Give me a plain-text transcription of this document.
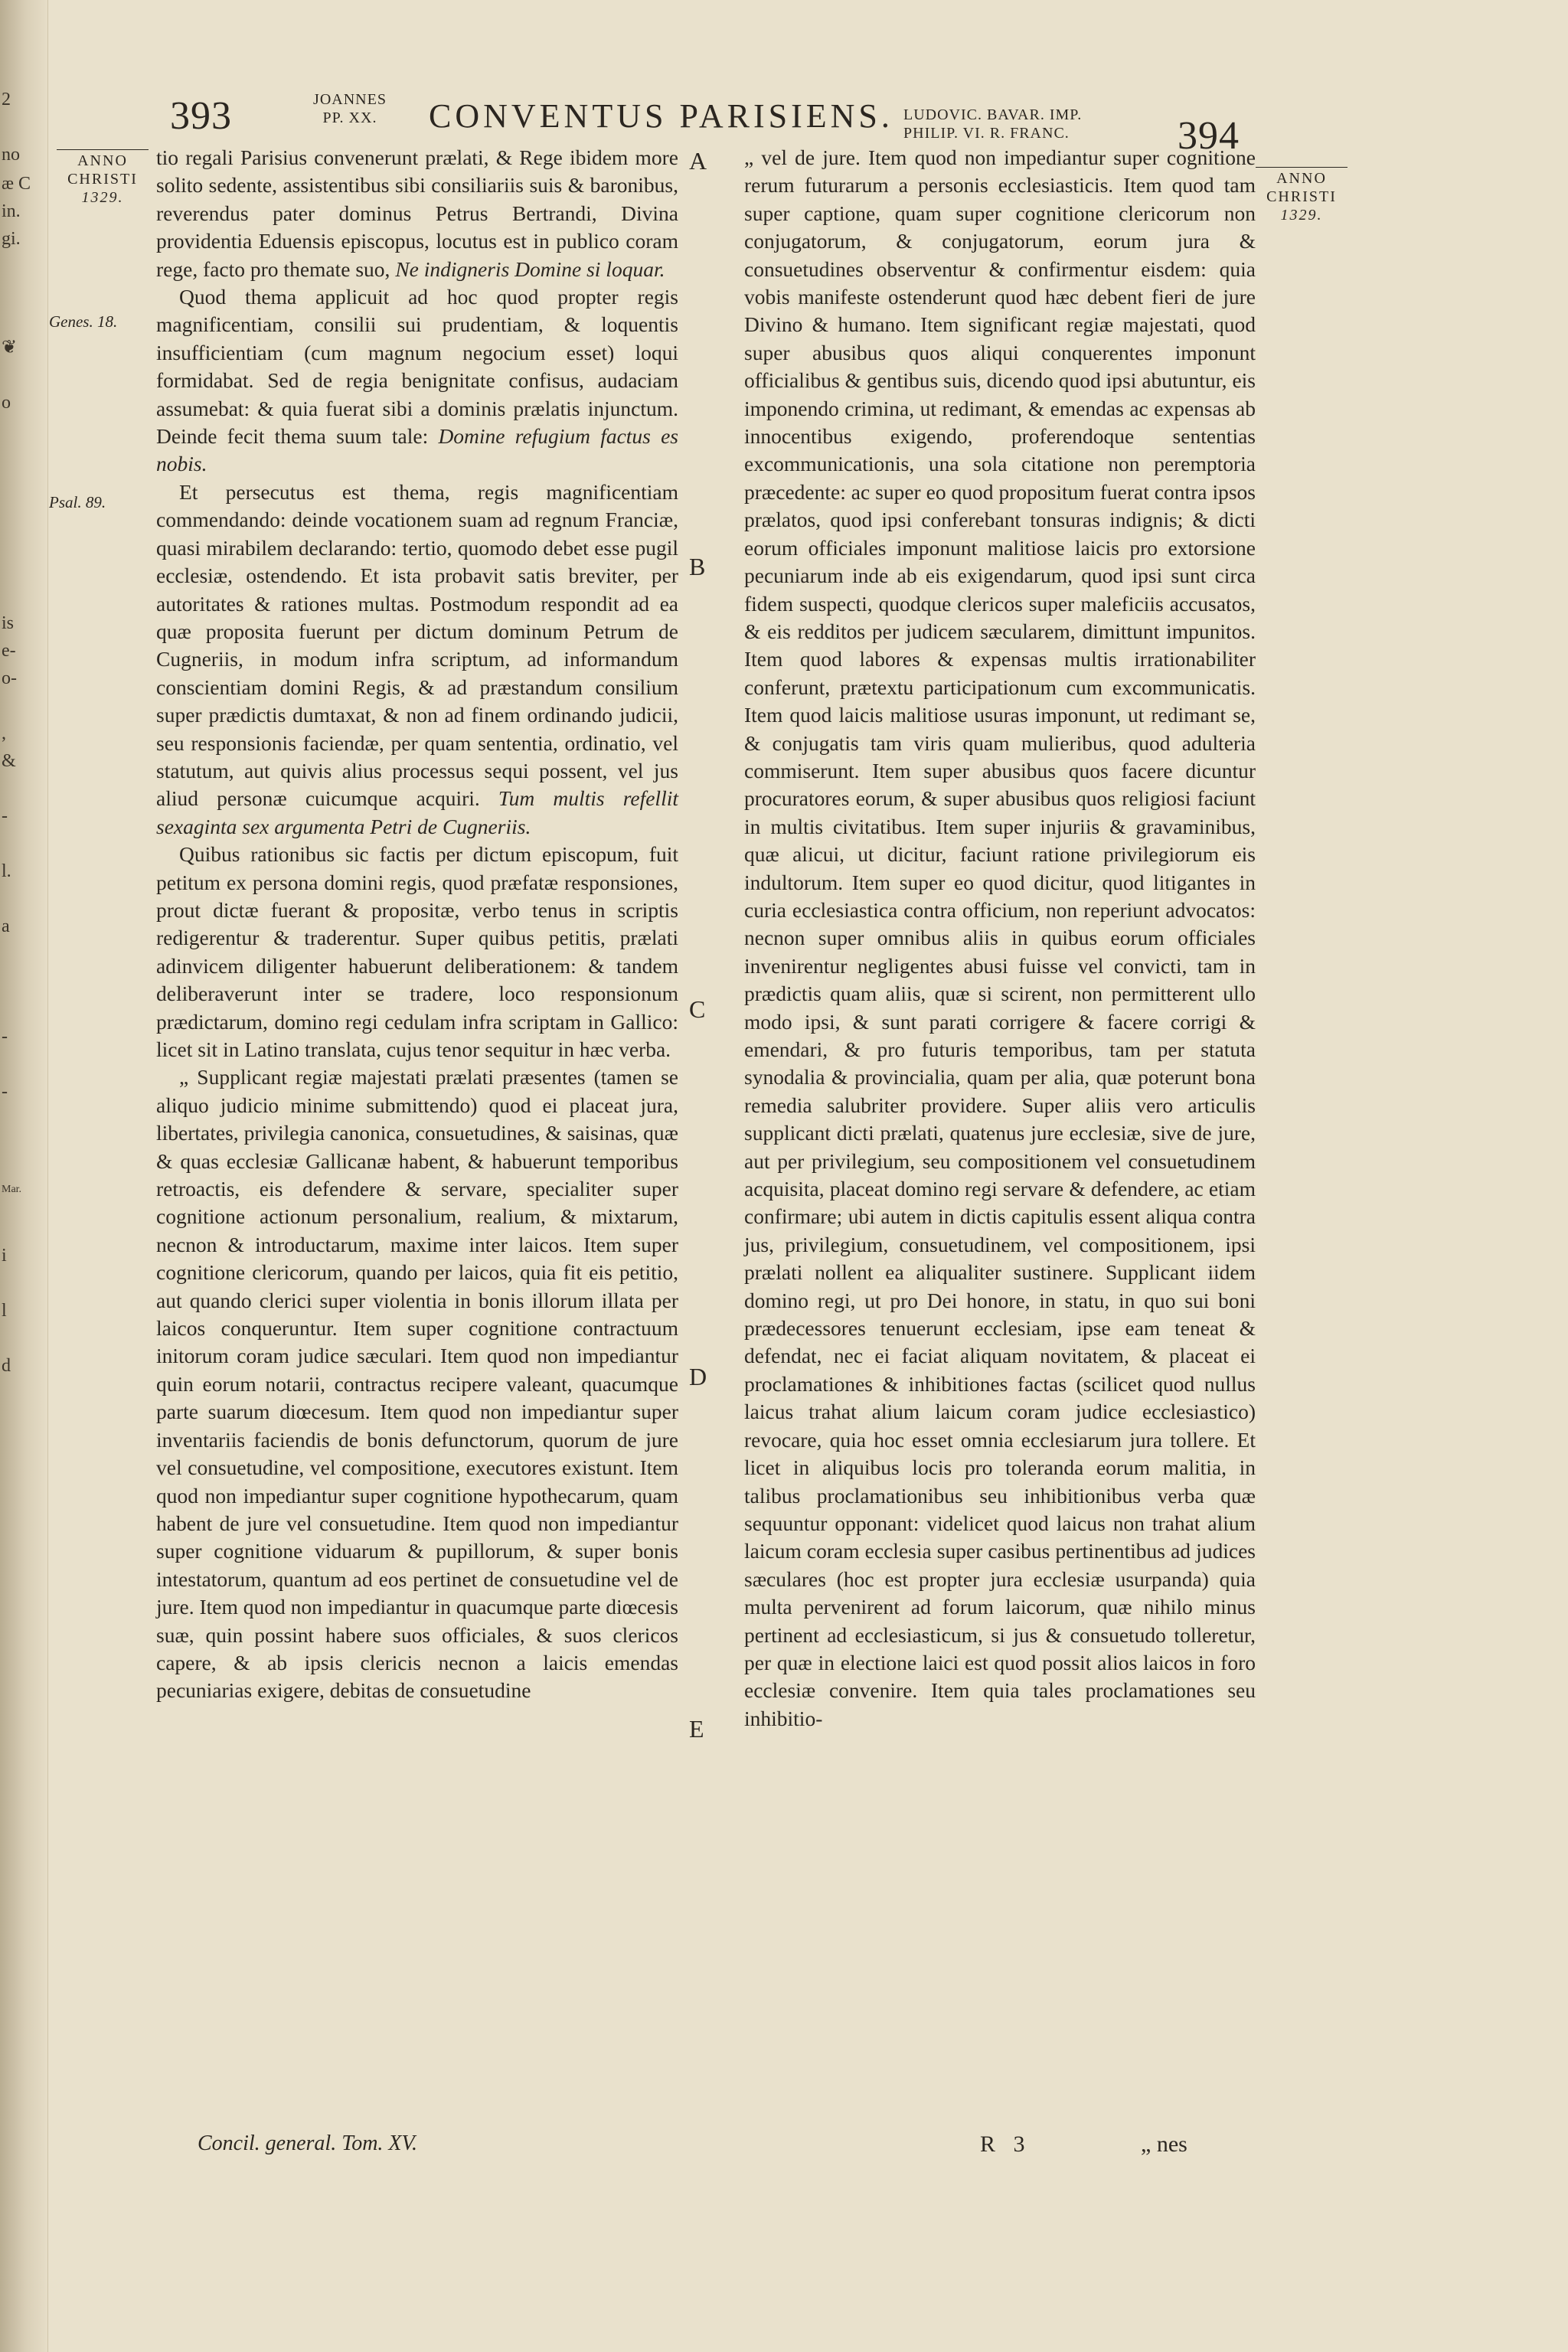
2
no
æ C
in.
gi.
❦
o
is
e-
o-
,
&
-
l.
a
-
-
Mar.
i
l
d
393	JOANNES
PP. XX.	CONVENTUS PARISIENS. LUDOVIC. BAVAR. IMP.
PHILIP. VI. R. FRANC.	394
ANNO
CHRISTI
1329.
ANNO
CHRISTI
1329.
Genes. 18.
Psal. 89.
A
B
C
D
E

tio regali Parisius convenerunt prælati, & Rege ibidem more solito sedente, assistentibus sibi consiliariis suis & baronibus, reverendus pater dominus Petrus Bertrandi, Divina providentia Eduensis episcopus, locutus est in publico coram rege, facto pro themate suo, Ne indigneris Domine si loquar.

Quod thema applicuit ad hoc quod propter regis magnificentiam, consilii sui prudentiam, & loquentis insufficientiam (cum magnum negocium esset) loqui formidabat. Sed de regia benignitate confisus, audaciam assumebat: & quia fuerat sibi a dominis prælatis injunctum. Deinde fecit thema suum tale: Domine refugium factus es nobis.

Et persecutus est thema, regis magnificentiam commendando: deinde vocationem suam ad regnum Franciæ, quasi mirabilem declarando: tertio, quomodo debet esse pugil ecclesiæ, ostendendo. Et ista probavit satis breviter, per autoritates & rationes multas. Postmodum respondit ad ea quæ proposita fuerunt per dictum dominum Petrum de Cugneriis, in modum infra scriptum, ad informandum conscientiam domini Regis, & ad præstandum consilium super prædictis dumtaxat, & non ad finem ordinando judicii, seu responsionis faciendæ, per quam sententia, ordinatio, vel statutum, aut quivis alius processus sequi possent, vel jus aliud personæ cuicumque acquiri. Tum multis refellit sexaginta sex argumenta Petri de Cugneriis.

Quibus rationibus sic factis per dictum episcopum, fuit petitum ex persona domini regis, quod præfatæ responsiones, prout dictæ fuerant & propositæ, verbo tenus in scriptis redigerentur & traderentur. Super quibus petitis, prælati adinvicem diligenter habuerunt deliberationem: & tandem deliberaverunt inter se tradere, loco responsionum prædictarum, domino regi cedulam infra scriptam in Gallico: licet sit in Latino translata, cujus tenor sequitur in hæc verba.

„ Supplicant regiæ majestati prælati præsentes (tamen se aliquo judicio minime submittendo) quod ei placeat jura, libertates, privilegia canonica, consuetudines, & saisinas, quæ & quas ecclesiæ Gallicanæ habent, & habuerunt temporibus retroactis, eis defendere & servare, specialiter super cognitione actionum personalium, realium, & mixtarum, necnon & introductarum, maxime inter laicos. Item super cognitione clericorum, quando per laicos, quia fit eis petitio, aut quando clerici super violentia in bonis illorum illata per laicos conqueruntur. Item super cognitione contractuum initorum coram judice sæculari. Item quod non impediantur quin eorum notarii, contractus recipere valeant, quacumque parte suarum diœcesum. Item quod non impediantur super inventariis faciendis de bonis defunctorum, quorum de jure vel consuetudine, vel compositione, executores existunt. Item quod non impediantur super cognitione hypothecarum, quam habent de jure vel consuetudine. Item quod non impediantur super cognitione viduarum & pupillorum, & super bonis intestatorum, quantum ad eos pertinet de consuetudine vel de jure. Item quod non impediantur in quacumque parte diœcesis suæ, quin possint habere suos officiales, & suos clericos capere, & ab ipsis clericis necnon a laicis emendas pecuniarias exigere, debitas de consuetudine

„ vel de jure. Item quod non impediantur super cognitione rerum futurarum a personis ecclesiasticis. Item quod tam super captione, quam super cognitione clericorum non conjugatorum, & conjugatorum, eorum jura & consuetudines observentur & confirmentur eisdem: quia vobis manifeste ostenderunt quod hæc debent fieri de jure Divino & humano. Item significant regiæ majestati, quod super abusibus quos aliqui conquerentes imponunt officialibus & gentibus suis, dicendo quod ipsi abutuntur, eis imponendo crimina, ut redimant, & emendas ac expensas ab innocentibus exigendo, proferendoque sententias excommunicationis, una sola citatione non peremptoria præcedente: ac super eo quod propositum fuerat contra ipsos prælatos, quod ipsi conferebant tonsuras indignis; & dicti eorum officiales imponunt malitiose laicis pro extorsione pecuniarum inde ab eis exigendarum, quod ipsi sunt circa fidem suspecti, quodque clericos super maleficiis accusatos, & eis redditos per judicem sæcularem, dimittunt impunitos. Item quod labores & expensas multis irrationabiliter conferunt, prætextu participationum cum excommunicatis. Item quod laicis malitiose usuras imponunt, ut redimant se, & conjugatis tam viris quam mulieribus, quod adulteria commiserunt. Item super abusibus quos facere dicuntur procuratores eorum, & super abusibus quos religiosi faciunt in multis civitatibus. Item super injuriis & gravaminibus, quæ alicui, ut dicitur, faciunt ratione privilegiorum eis indultorum. Item super eo quod dicitur, quod litigantes in curia ecclesiastica contra officium, non reperiunt advocatos: necnon super omnibus aliis in quibus eorum officiales invenirentur negligentes abusi fuisse vel convicti, tam in prædictis quam aliis, quæ si scirent, non permitterent ullo modo ipsi, & sunt parati corrigere & facere corrigi & emendari, & pro futuris temporibus, tam per statuta synodalia & provincialia, quam per alia, quæ poterunt bona remedia salubriter providere. Super aliis vero articulis supplicant dicti prælati, quatenus jure ecclesiæ, sive de jure, aut per privilegium, seu compositionem vel consuetudinem acquisita, placeat domino regi servare & defendere, ac etiam confirmare; ubi autem in dictis capitulis essent aliqua contra jus, privilegium, consuetudinem, vel compositionem, ipsi prælati nollent ea aliqualiter sustinere. Supplicant iidem domino regi, ut pro Dei honore, in statu, in quo sui boni prædecessores tenuerunt ecclesiam, ipse eam teneat & defendat, nec ei faciat aliquam novitatem, & placeat ei proclamationes & inhibitiones factas (scilicet quod nullus laicus trahat alium laicum coram judice ecclesiastico) revocare, quia hoc esset omnia ecclesiarum jura tollere. Et licet in aliquibus locis pro toleranda eorum malitia, in talibus proclamationibus seu inhibitionibus verba quæ sequuntur opponant: videlicet quod laicus non trahat alium laicum coram ecclesia super casibus pertinentibus ad judices sæculares (hoc est propter jura ecclesiæ usurpanda) quia multa pervenirent ad forum laicorum, quæ nihilo minus pertinent ad ecclesiasticum, si jus & consuetudo tolleretur, per quæ in electione laici est quod possit alios laicos in foro ecclesiæ convenire. Item quia tales proclamationes seu inhibitio-

Concil. general. Tom. XV.	R 3	„ nes
